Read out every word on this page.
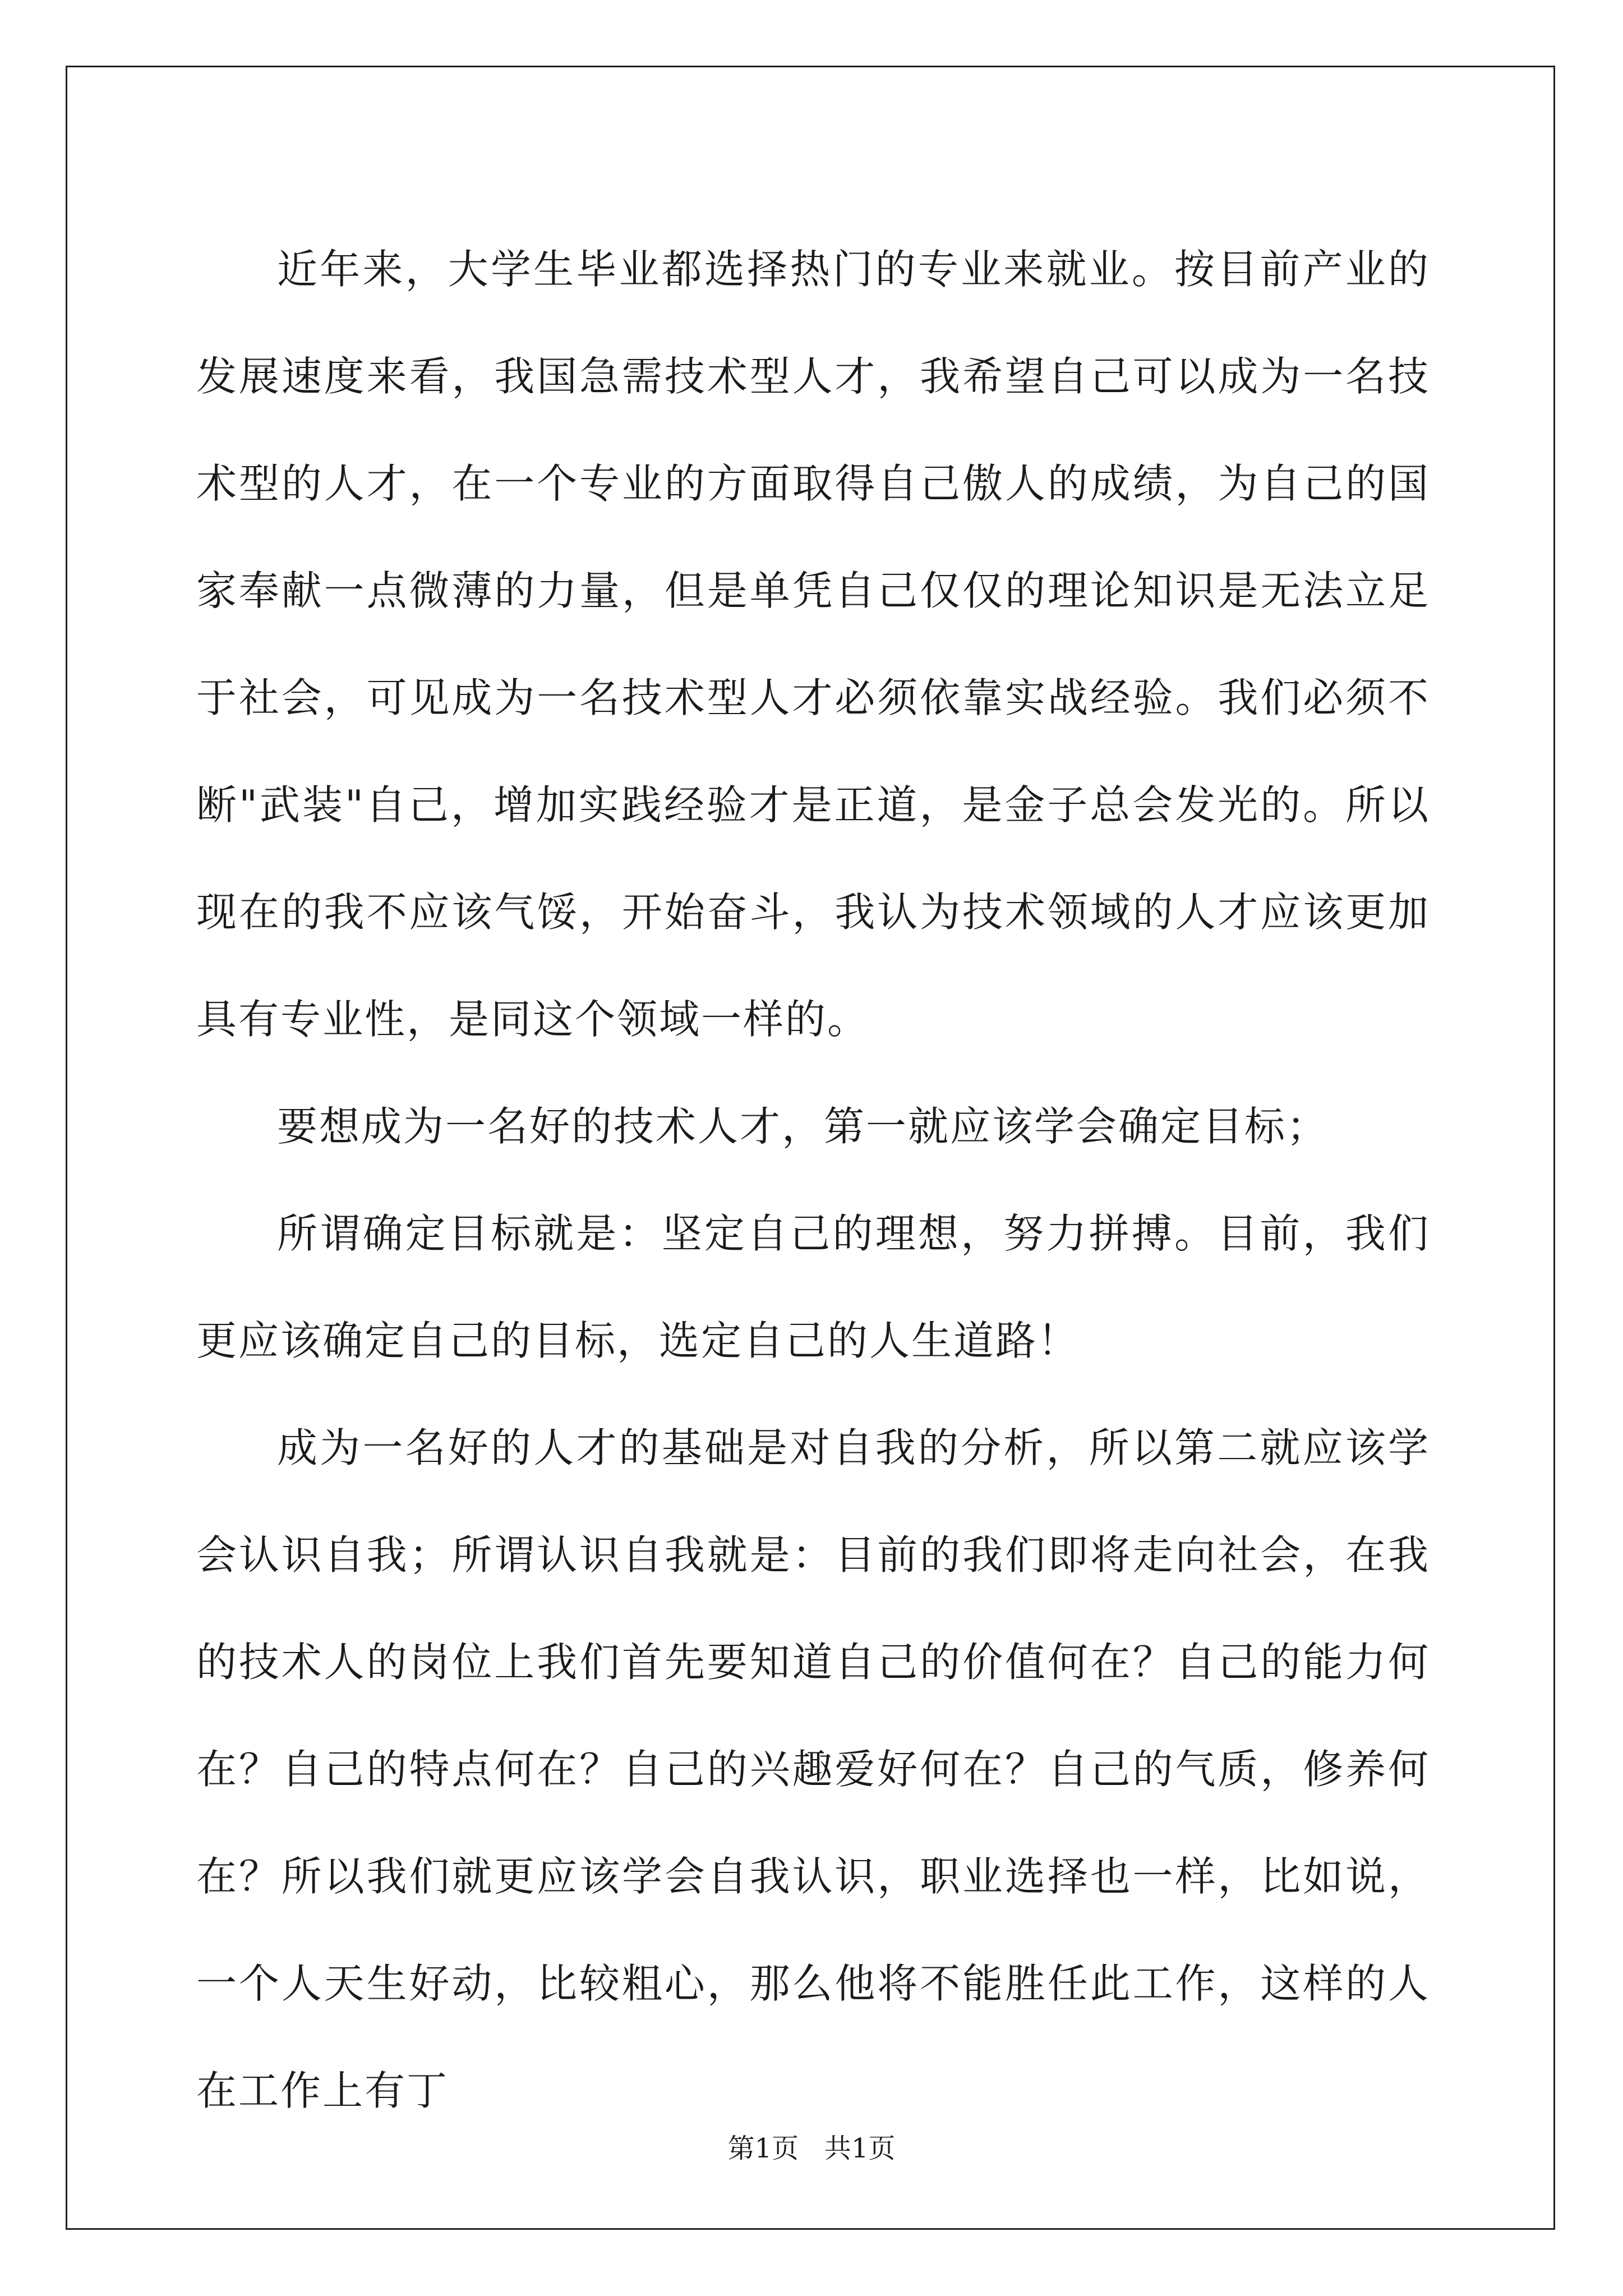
近年来，大学生毕业都选择热门的专业来就业。按目前产业的发展速度来看，我国急需技术型人才，我希望自己可以成为一名技术型的人才，在一个专业的方面取得自己傲人的成绩，为自己的国家奉献一点微薄的力量，但是单凭自己仅仅的理论知识是无法立足于社会，可见成为一名技术型人才必须依靠实战经验。我们必须不断"武装"自己，增加实践经验才是正道，是金子总会发光的。所以现在的我不应该气馁，开始奋斗，我认为技术领域的人才应该更加具有专业性，是同这个领域一样的。

要想成为一名好的技术人才，第一就应该学会确定目标；

所谓确定目标就是：坚定自己的理想，努力拼搏。目前，我们更应该确定自己的目标，选定自己的人生道路！

成为一名好的人才的基础是对自我的分析，所以第二就应该学会认识自我；所谓认识自我就是：目前的我们即将走向社会，在我的技术人的岗位上我们首先要知道自己的价值何在？自己的能力何在？自己的特点何在？自己的兴趣爱好何在？自己的气质，修养何在？所以我们就更应该学会自我认识，职业选择也一样，比如说，一个人天生好动，比较粗心，那么他将不能胜任此工作，这样的人在工作上有丁

第1页   共1页
